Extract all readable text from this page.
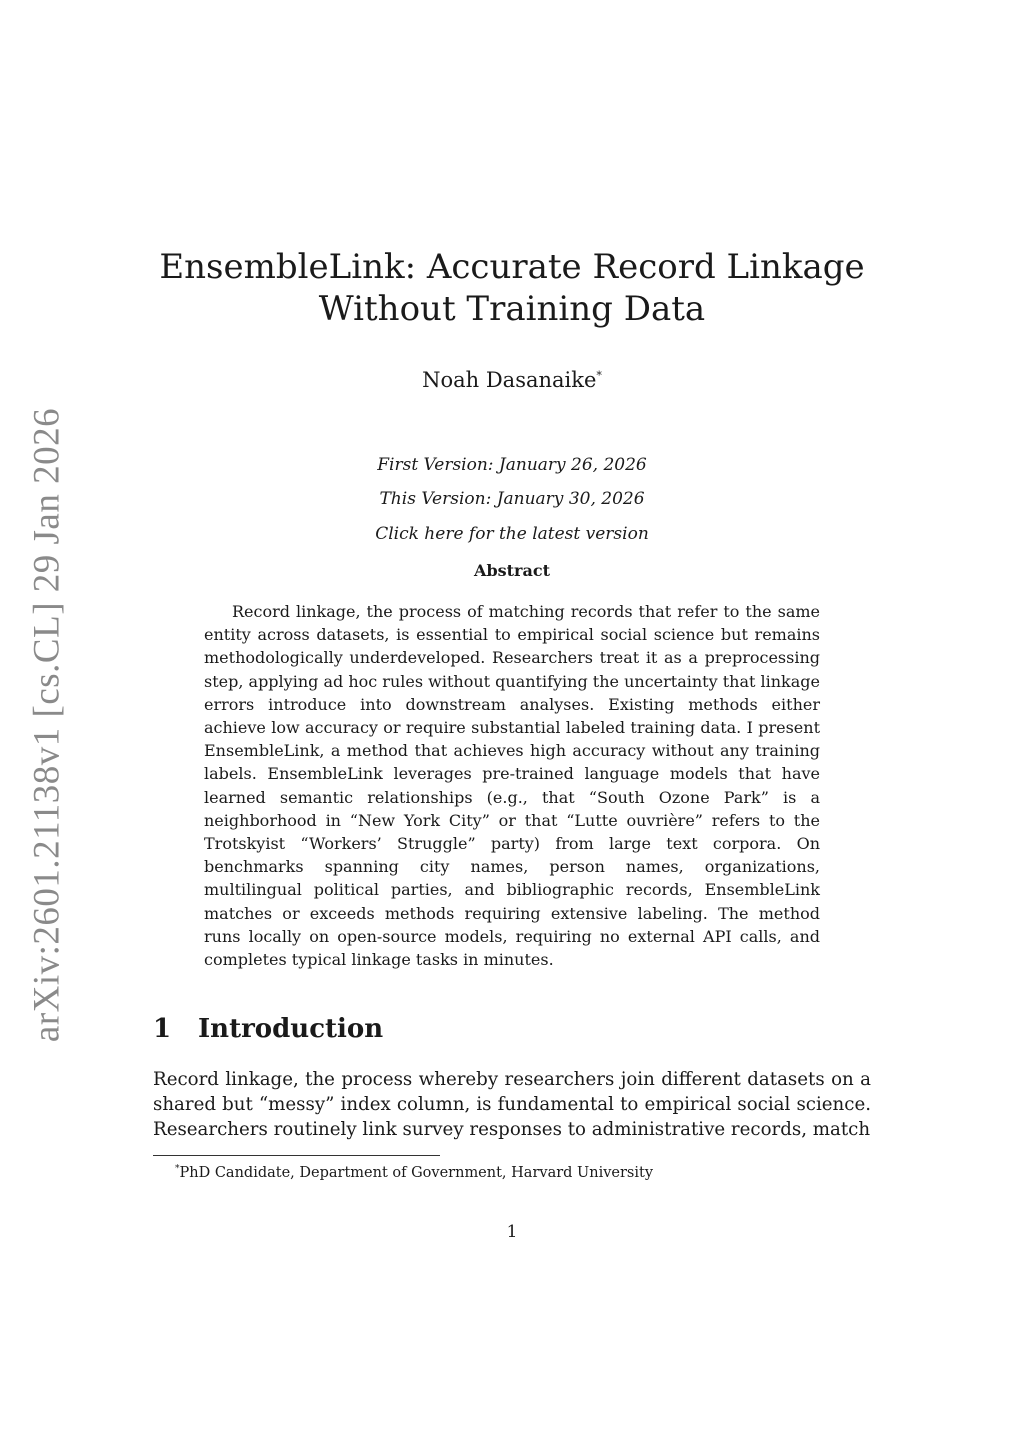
arXiv:2601.21138v1 [cs.CL] 29 Jan 2026
EnsembleLink: Accurate Record Linkage
Without Training Data
Noah Dasanaike*
First Version: January 26, 2026
This Version: January 30, 2026
Click here for the latest version
Abstract

Record linkage, the process of matching records that refer to the same entity across datasets, is essential to empirical social science but remains methodologically underdeveloped. Researchers treat it as a preprocessing step, applying ad hoc rules without quantifying the uncertainty that linkage errors introduce into downstream analyses. Existing methods either achieve low accuracy or require substantial labeled training data. I present EnsembleLink, a method that achieves high accuracy without any training labels. EnsembleLink leverages pre-trained language models that have learned semantic relationships (e.g., that “South Ozone Park” is a neighborhood in “New York City” or that “Lutte ouvrière” refers to the Trotskyist “Workers’ Struggle” party) from large text corpora. On benchmarks spanning city names, person names, organizations, multilingual political parties, and bibliographic records, EnsembleLink matches or exceeds methods requiring extensive labeling. The method runs locally on open-source models, requiring no external API calls, and completes typical linkage tasks in minutes.

1 Introduction

Record linkage, the process whereby researchers join different datasets on a shared but “messy” index column, is fundamental to empirical social science. Researchers routinely link survey responses to administrative records, match

*PhD Candidate, Department of Government, Harvard University
1
